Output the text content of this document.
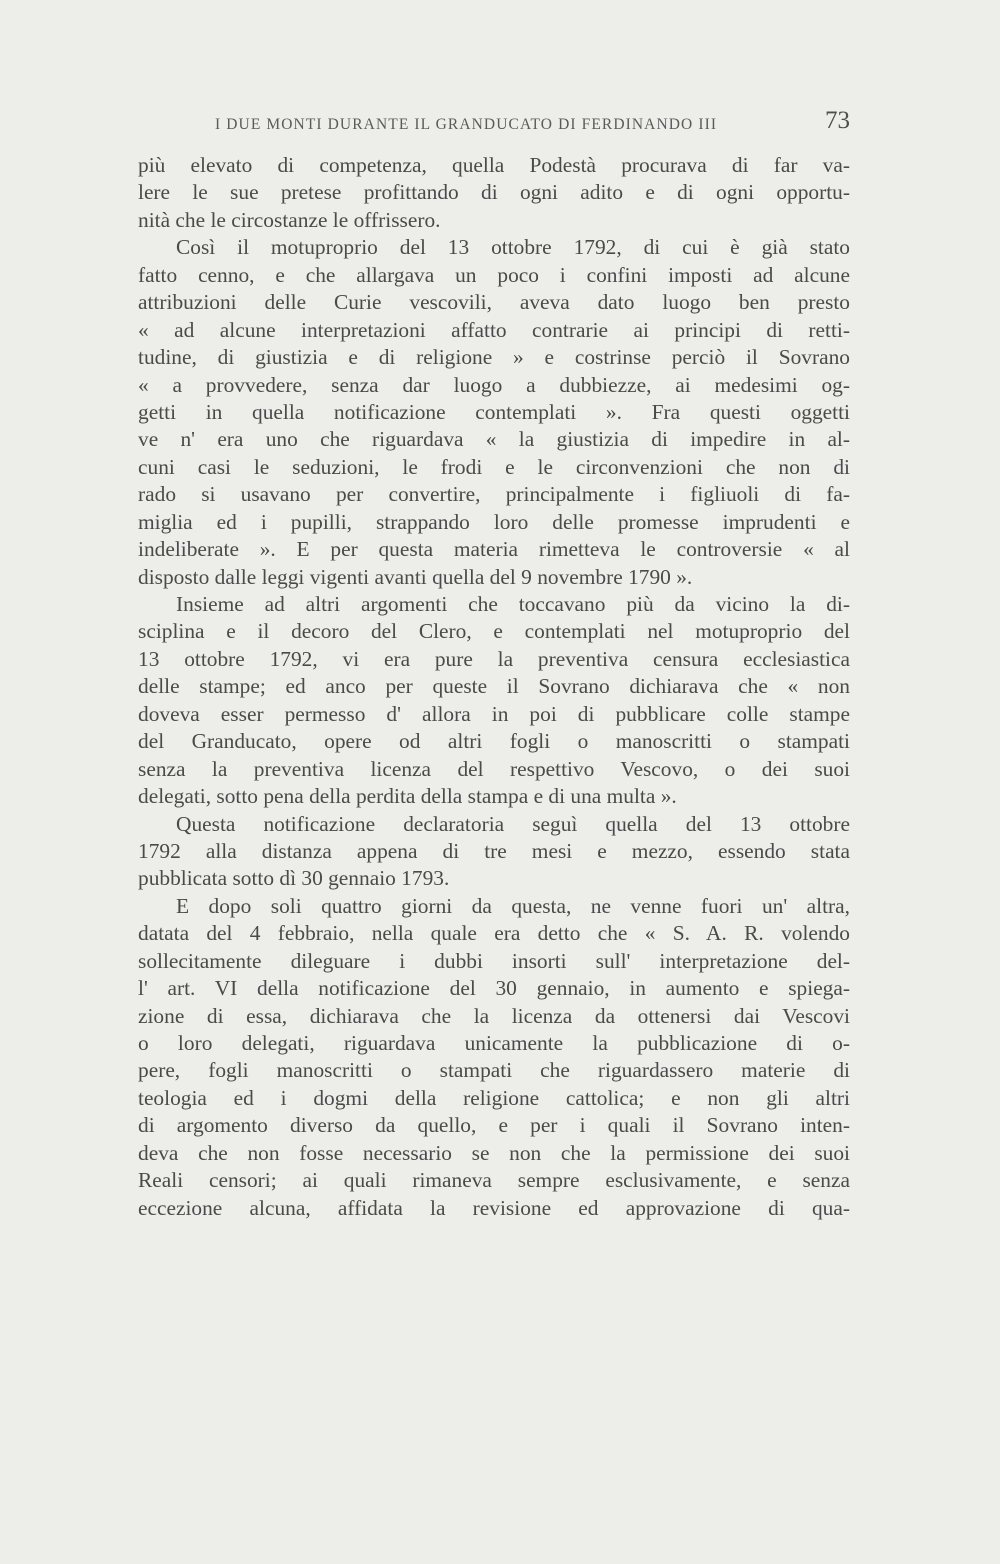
I DUE MONTI DURANTE IL GRANDUCATO DI FERDINANDO III	73
più elevato di competenza, quella Podestà procurava di far va-
lere le sue pretese profittando di ogni adito e di ogni opportu-
nità che le circostanze le offrissero.
Così il motuproprio del 13 ottobre 1792, di cui è già stato
fatto cenno, e che allargava un poco i confini imposti ad alcune
attribuzioni delle Curie vescovili, aveva dato luogo ben presto
« ad alcune interpretazioni affatto contrarie ai principi di retti-
tudine, di giustizia e di religione » e costrinse perciò il Sovrano
« a provvedere, senza dar luogo a dubbiezze, ai medesimi og-
getti in quella notificazione contemplati ». Fra questi oggetti
ve n' era uno che riguardava « la giustizia di impedire in al-
cuni casi le seduzioni, le frodi e le circonvenzioni che non di
rado si usavano per convertire, principalmente i figliuoli di fa-
miglia ed i pupilli, strappando loro delle promesse imprudenti e
indeliberate ». E per questa materia rimetteva le controversie « al
disposto dalle leggi vigenti avanti quella del 9 novembre 1790 ».
Insieme ad altri argomenti che toccavano più da vicino la di-
sciplina e il decoro del Clero, e contemplati nel motuproprio del
13 ottobre 1792, vi era pure la preventiva censura ecclesiastica
delle stampe; ed anco per queste il Sovrano dichiarava che « non
doveva esser permesso d' allora in poi di pubblicare colle stampe
del Granducato, opere od altri fogli o manoscritti o stampati
senza la preventiva licenza del respettivo Vescovo, o dei suoi
delegati, sotto pena della perdita della stampa e di una multa ».
Questa notificazione declaratoria seguì quella del 13 ottobre
1792 alla distanza appena di tre mesi e mezzo, essendo stata
pubblicata sotto dì 30 gennaio 1793.
E dopo soli quattro giorni da questa, ne venne fuori un' altra,
datata del 4 febbraio, nella quale era detto che « S. A. R. volendo
sollecitamente dileguare i dubbi insorti sull' interpretazione del-
l' art. VI della notificazione del 30 gennaio, in aumento e spiega-
zione di essa, dichiarava che la licenza da ottenersi dai Vescovi
o loro delegati, riguardava unicamente la pubblicazione di o-
pere, fogli manoscritti o stampati che riguardassero materie di
teologia ed i dogmi della religione cattolica; e non gli altri
di argomento diverso da quello, e per i quali il Sovrano inten-
deva che non fosse necessario se non che la permissione dei suoi
Reali censori; ai quali rimaneva sempre esclusivamente, e senza
eccezione alcuna, affidata la revisione ed approvazione di qua-
